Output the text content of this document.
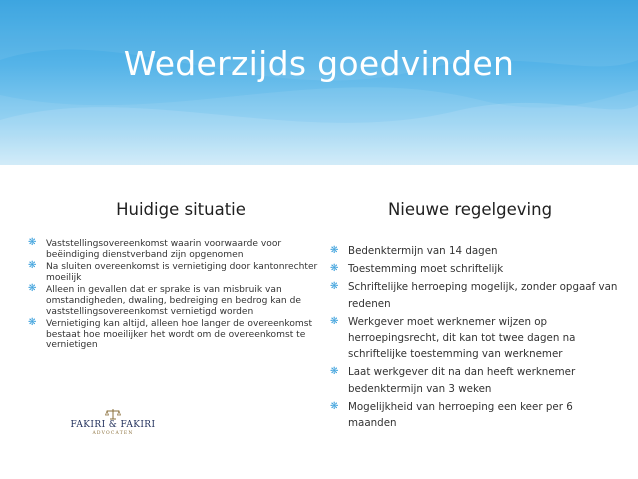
Wederzijds goedvinden
Huidige situatie	Nieuwe regelgeving
❋ Vaststellingsovereenkomst waarin voorwaarde voor beëindiging dienstverband zijn opgenomen
❋ Na sluiten overeenkomst is vernietiging door kantonrechter moeilijk
❋ Alleen in gevallen dat er sprake is van misbruik van omstandigheden, dwaling, bedreiging en bedrog kan de vaststellingsovereenkomst vernietigd worden
❋ Vernietiging kan altijd, alleen hoe langer de overeenkomst bestaat hoe moeilijker het wordt om de overeenkomst te vernietigen
❋ Bedenktermijn van 14 dagen
❋ Toestemming moet schriftelijk
❋ Schriftelijke herroeping mogelijk, zonder opgaaf van redenen
❋ Werkgever moet werknemer wijzen op herroepingsrecht, dit kan tot twee dagen na schriftelijke toestemming van werknemer
❋ Laat werkgever dit na dan heeft werknemer bedenktermijn van 3 weken
❋ Mogelijkheid van herroeping een keer per 6 maanden
FAKIRI & FAKIRI
ADVOCATEN
